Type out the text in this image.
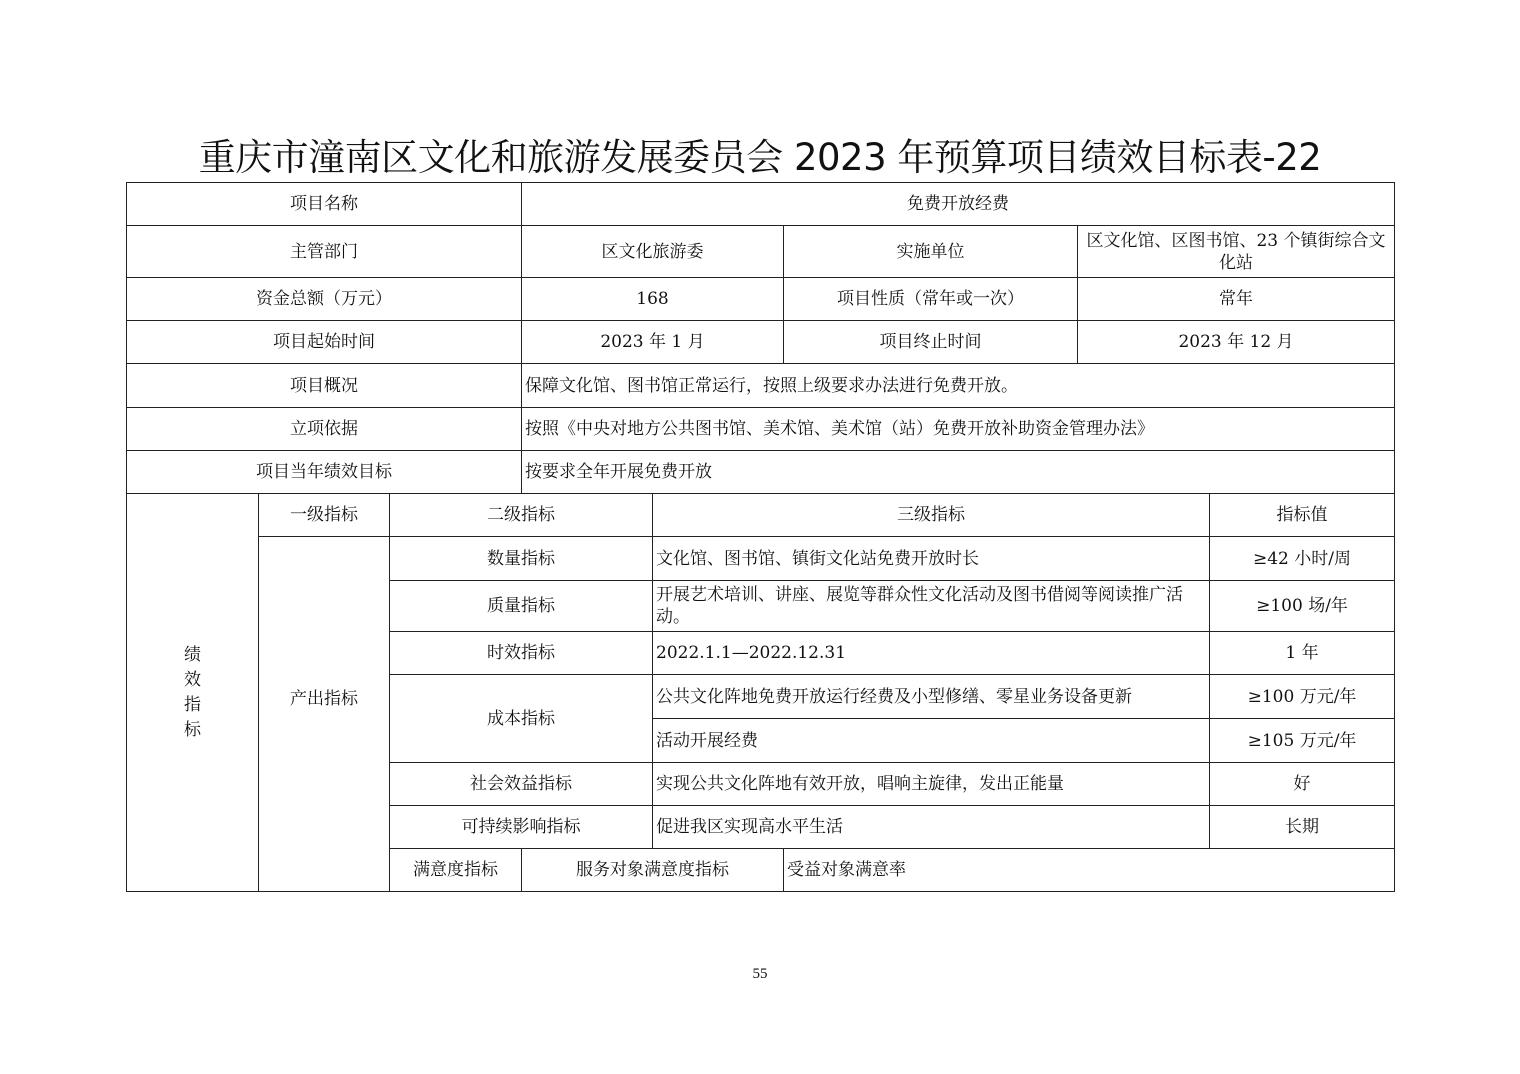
重庆市潼南区文化和旅游发展委员会 2023 年预算项目绩效目标表-22
项目名称			免费开放经费					
主管部门			区文化旅游委		实施单位	区文化馆、区图书馆、23 个镇街综合文化站		
资金总额（万元）			168		项目性质（常年或一次）	常年		
项目起始时间			2023 年 1 月		项目终止时间	2023 年 12 月		
项目概况			保障文化馆、图书馆正常运行，按照上级要求办法进行免费开放。					
立项依据			按照《中央对地方公共图书馆、美术馆、美术馆（站）免费开放补助资金管理办法》					
项目当年绩效目标			按要求全年开展免费开放					
绩效指标	一级指标	二级指标		三级指标			指标值	
	产出指标	数量指标		文化馆、图书馆、镇街文化站免费开放时长			≥42 小时/周	
		质量指标		开展艺术培训、讲座、展览等群众性文化活动及图书借阅等阅读推广活动。			≥100 场/年	
		时效指标		2022.1.1—2022.12.31			1 年	
		成本指标		公共文化阵地免费开放运行经费及小型修缮、零星业务设备更新			≥100 万元/年	
				活动开展经费			≥105 万元/年	
		社会效益指标		实现公共文化阵地有效开放，唱响主旋律，发出正能量			好	
		可持续影响指标		促进我区实现高水平生活			长期	
		满意度指标	服务对象满意度指标		受益对象满意率	
55
